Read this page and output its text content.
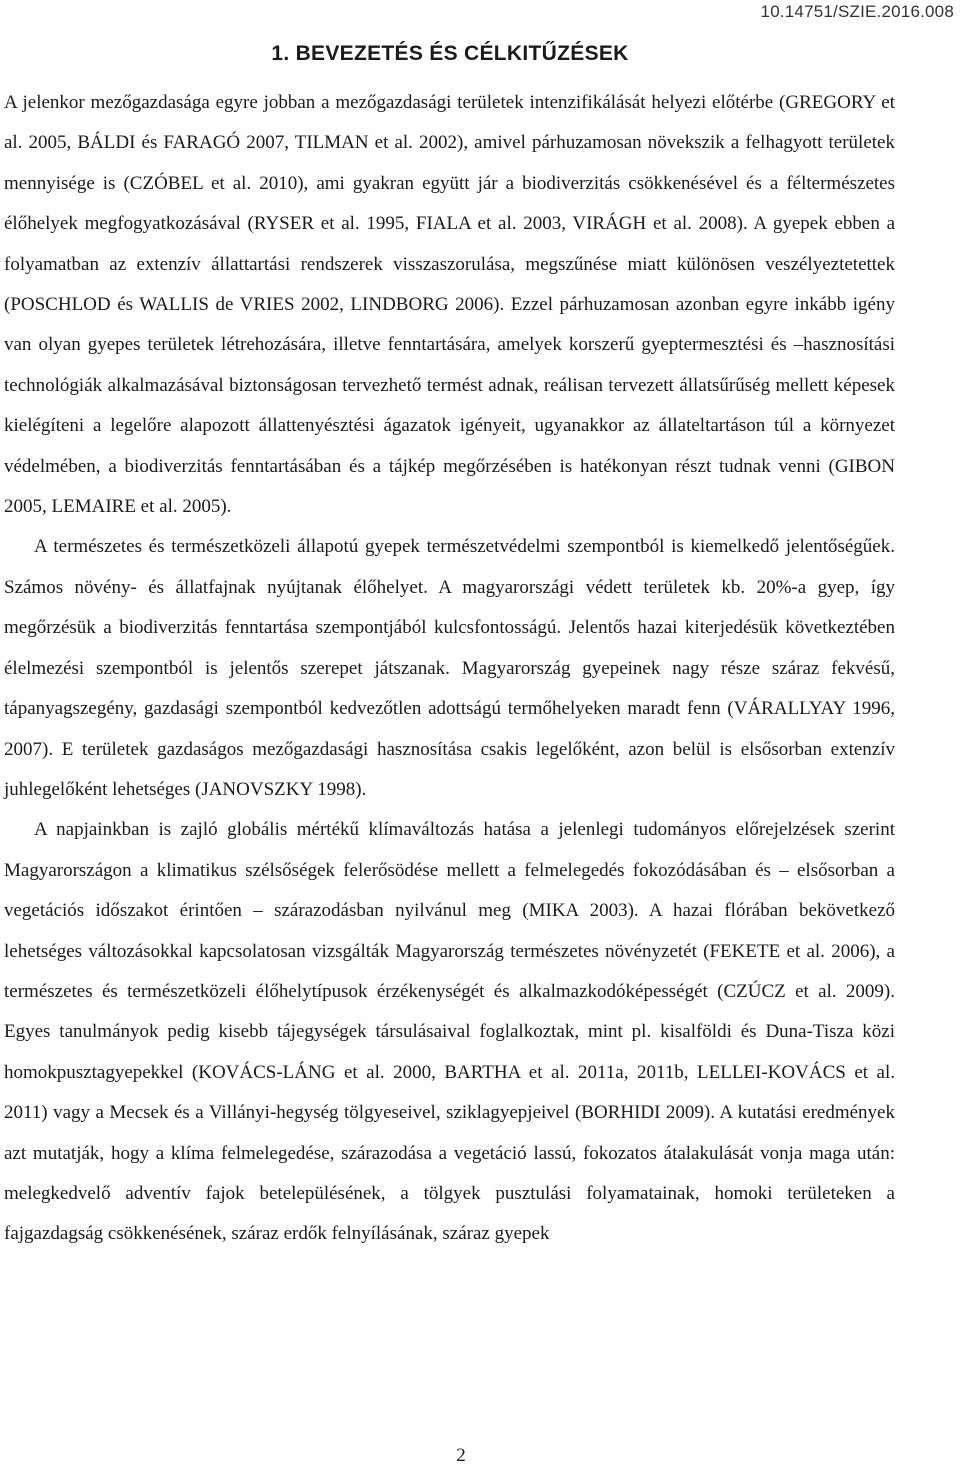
10.14751/SZIE.2016.008
1. BEVEZETÉS ÉS CÉLKITŰZÉSEK

A jelenkor mezőgazdasága egyre jobban a mezőgazdasági területek intenzifikálását helyezi előtérbe (GREGORY et al. 2005, BÁLDI és FARAGÓ 2007, TILMAN et al. 2002), amivel párhuzamosan növekszik a felhagyott területek mennyisége is (CZÓBEL et al. 2010), ami gyakran együtt jár a biodiverzitás csökkenésével és a féltermészetes élőhelyek megfogyatkozásával (RYSER et al. 1995, FIALA et al. 2003, VIRÁGH et al. 2008). A gyepek ebben a folyamatban az extenzív állattartási rendszerek visszaszorulása, megszűnése miatt különösen veszélyeztetettek (POSCHLOD és WALLIS de VRIES 2002, LINDBORG 2006). Ezzel párhuzamosan azonban egyre inkább igény van olyan gyepes területek létrehozására, illetve fenntartására, amelyek korszerű gyeptermesztési és –hasznosítási technológiák alkalmazásával biztonságosan tervezhető termést adnak, reálisan tervezett állatsűrűség mellett képesek kielégíteni a legelőre alapozott állattenyésztési ágazatok igényeit, ugyanakkor az állateltartáson túl a környezet védelmében, a biodiverzitás fenntartásában és a tájkép megőrzésében is hatékonyan részt tudnak venni (GIBON 2005, LEMAIRE et al. 2005).

A természetes és természetközeli állapotú gyepek természetvédelmi szempontból is kiemelkedő jelentőségűek. Számos növény- és állatfajnak nyújtanak élőhelyet. A magyarországi védett területek kb. 20%-a gyep, így megőrzésük a biodiverzitás fenntartása szempontjából kulcsfontosságú. Jelentős hazai kiterjedésük következtében élelmezési szempontból is jelentős szerepet játszanak. Magyarország gyepeinek nagy része száraz fekvésű, tápanyagszegény, gazdasági szempontból kedvezőtlen adottságú termőhelyeken maradt fenn (VÁRALLYAY 1996, 2007). E területek gazdaságos mezőgazdasági hasznosítása csakis legelőként, azon belül is elsősorban extenzív juhlegelőként lehetséges (JANOVSZKY 1998).

A napjainkban is zajló globális mértékű klímaváltozás hatása a jelenlegi tudományos előrejelzések szerint Magyarországon a klimatikus szélsőségek felerősödése mellett a felmelegedés fokozódásában és – elsősorban a vegetációs időszakot érintően – szárazodásban nyilvánul meg (MIKA 2003). A hazai flórában bekövetkező lehetséges változásokkal kapcsolatosan vizsgálták Magyarország természetes növényzetét (FEKETE et al. 2006), a természetes és természetközeli élőhelytípusok érzékenységét és alkalmazkodóképességét (CZÚCZ et al. 2009). Egyes tanulmányok pedig kisebb tájegységek társulásaival foglalkoztak, mint pl. kisalföldi és Duna-Tisza közi homokpusztagyepekkel (KOVÁCS-LÁNG et al. 2000, BARTHA et al. 2011a, 2011b, LELLEI-KOVÁCS et al. 2011) vagy a Mecsek és a Villányi-hegység tölgyeseivel, sziklagyepjeivel (BORHIDI 2009). A kutatási eredmények azt mutatják, hogy a klíma felmelegedése, szárazodása a vegetáció lassú, fokozatos átalakulását vonja maga után: melegkedvelő adventív fajok betelepülésének, a tölgyek pusztulási folyamatainak, homoki területeken a fajgazdagság csökkenésének, száraz erdők felnyílásának, száraz gyepek

2
